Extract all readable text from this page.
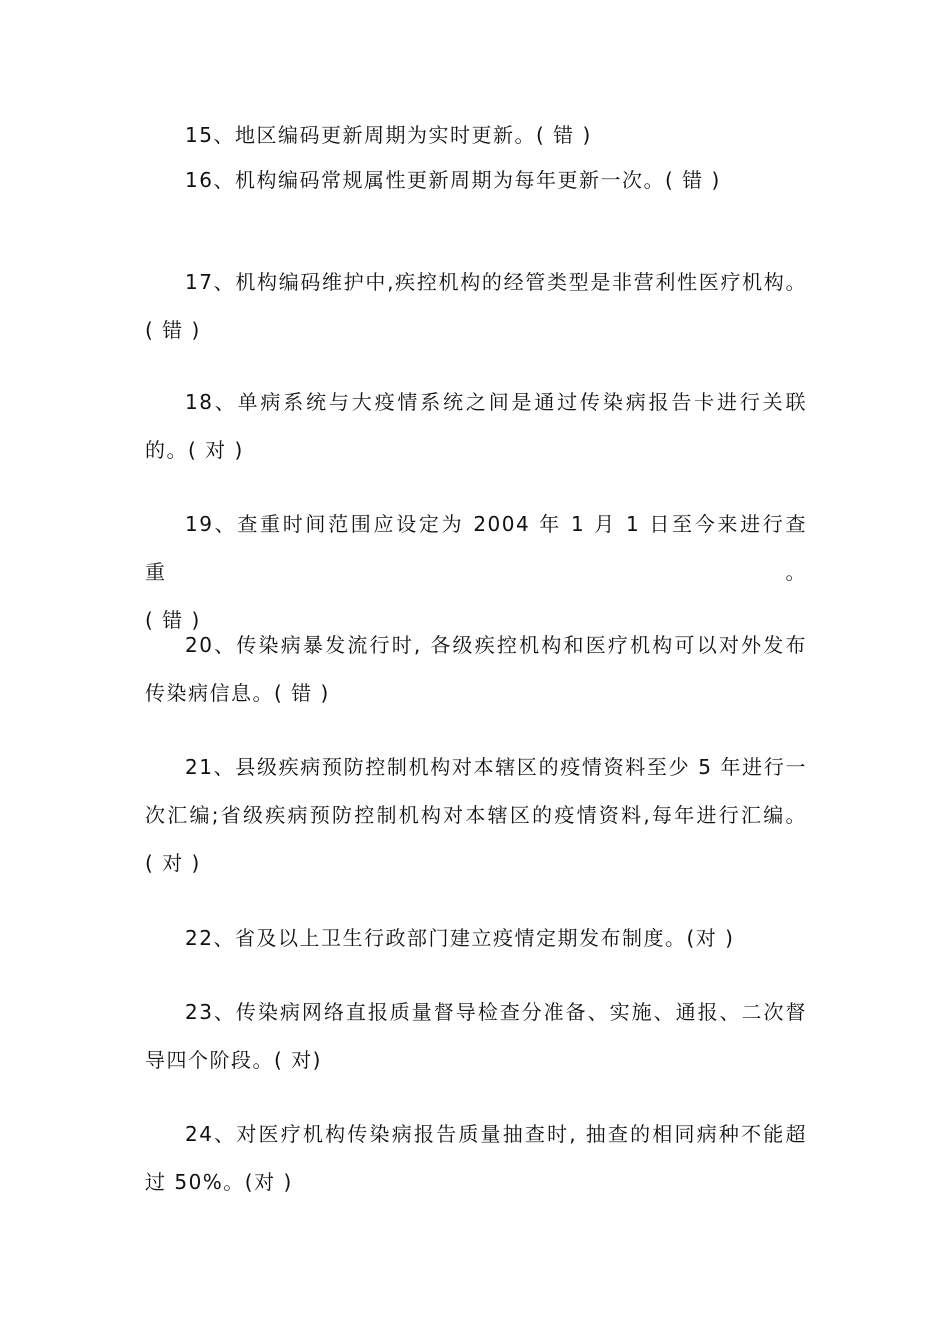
15、地区编码更新周期为实时更新。( 错 )

16、机构编码常规属性更新周期为每年更新一次。( 错 )

17、机构编码维护中,疾控机构的经管类型是非营利性医疗机构。
( 错 )

18、单病系统与大疫情系统之间是通过传染病报告卡进行关联
的。( 对 )

19、查重时间范围应设定为 2004 年 1 月 1 日至今来进行查重。
( 错 )

20、传染病暴发流行时, 各级疾控机构和医疗机构可以对外发布
传染病信息。( 错 )

21、县级疾病预防控制机构对本辖区的疫情资料至少 5 年进行一
次汇编;省级疾病预防控制机构对本辖区的疫情资料,每年进行汇编。
( 对 )

22、省及以上卫生行政部门建立疫情定期发布制度。(对 )

23、传染病网络直报质量督导检查分准备、实施、通报、二次督
导四个阶段。( 对)

24、对医疗机构传染病报告质量抽查时, 抽查的相同病种不能超
过 50%。(对 )
